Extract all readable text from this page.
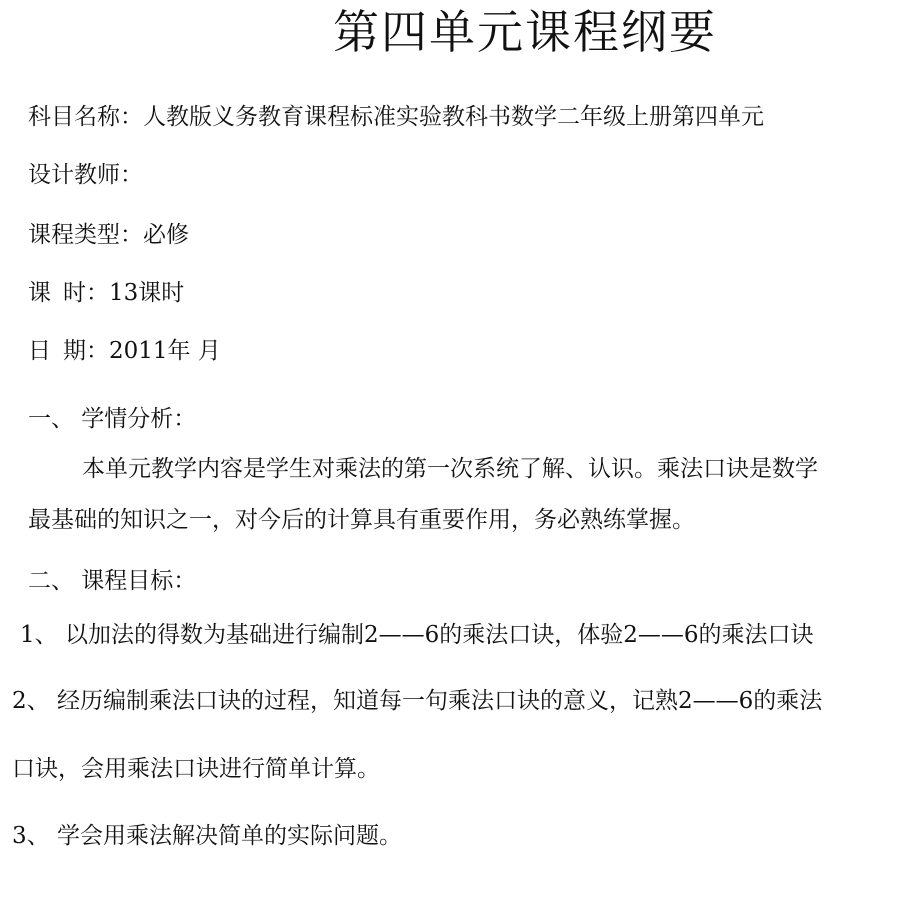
第四单元课程纲要
科目名称：人教版义务教育课程标准实验教科书数学二年级上册第四单元
设计教师：
课程类型：必修
课 时：13课时
日 期：2011年 月
一、 学情分析：
本单元教学内容是学生对乘法的第一次系统了解、认识。乘法口诀是数学
最基础的知识之一，对今后的计算具有重要作用，务必熟练掌握。
二、 课程目标：
1、 以加法的得数为基础进行编制2——6的乘法口诀，体验2——6的乘法口诀
2、 经历编制乘法口诀的过程，知道每一句乘法口诀的意义，记熟2——6的乘法
口诀，会用乘法口诀进行简单计算。
3、 学会用乘法解决简单的实际问题。
